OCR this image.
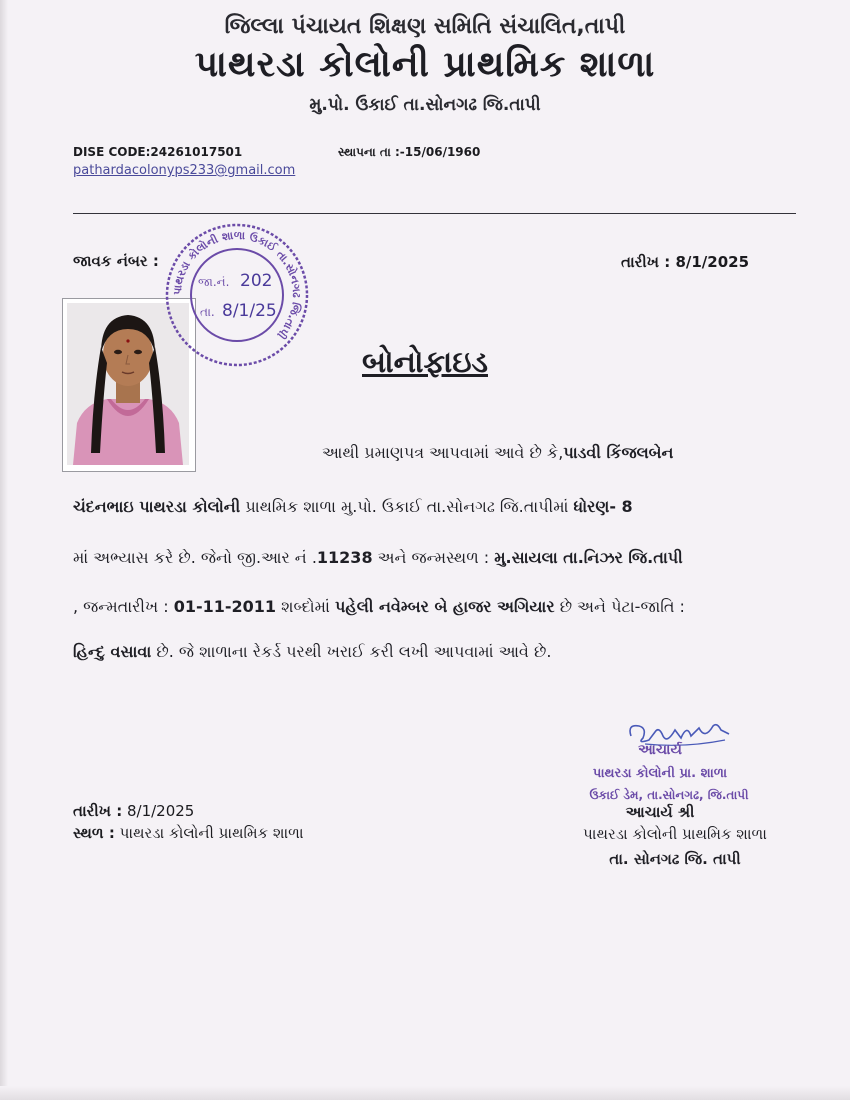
જિલ્લા પંચાયત શિક્ષણ સમિતિ સંચાલિત,તાપી
પાથરડા કોલોની પ્રાથમિક શાળા
મુ.પો. ઉકાઈ તા.સોનગઢ જિ.તાપી
DISE CODE:24261017501	સ્થાપના તા :-15/06/1960
pathardacolonyps233@gmail.com
જાવક નંબર :	તારીખ : 8/1/2025
પાથરડા કોલોની શાળા ઉકાઈ તા.સોનગઢ જિ.તાપી
જા.નં. 202
તા. 8/1/25
બોનોફાઇડ
આથી પ્રમાણપત્ર આપવામાં આવે છે કે,પાડવી કિંજલબેન
ચંદનભાઇ પાથરડા કોલોની પ્રાથમિક શાળા મુ.પો. ઉકાઈ તા.સોનગઢ જિ.તાપીમાં ધોરણ- 8
માં અભ્યાસ કરે છે. જેનો જી.આર નં .11238 અને જન્મસ્થળ : મુ.સાયલા તા.નિઝર જિ.તાપી
, જન્મતારીખ : 01-11-2011 શબ્દોમાં પહેલી નવેમ્બર બે હાજર અગિયાર છે અને પેટા-જાતિ :
હિન્દુ વસાવા છે. જે શાળાના રેકર્ડ પરથી ખરાઈ કરી લખી આપવામાં આવે છે.
આચાર્ય
પાથરડા કોલોની પ્રા. શાળા
ઉકાઈ ડેમ, તા.સોનગઢ, જિ.તાપી
આચાર્ય શ્રી
પાથરડા કોલોની પ્રાથમિક શાળા
તા. સોનગઢ જિ. તાપી
તારીખ : 8/1/2025
સ્થળ : પાથરડા કોલોની પ્રાથમિક શાળા
